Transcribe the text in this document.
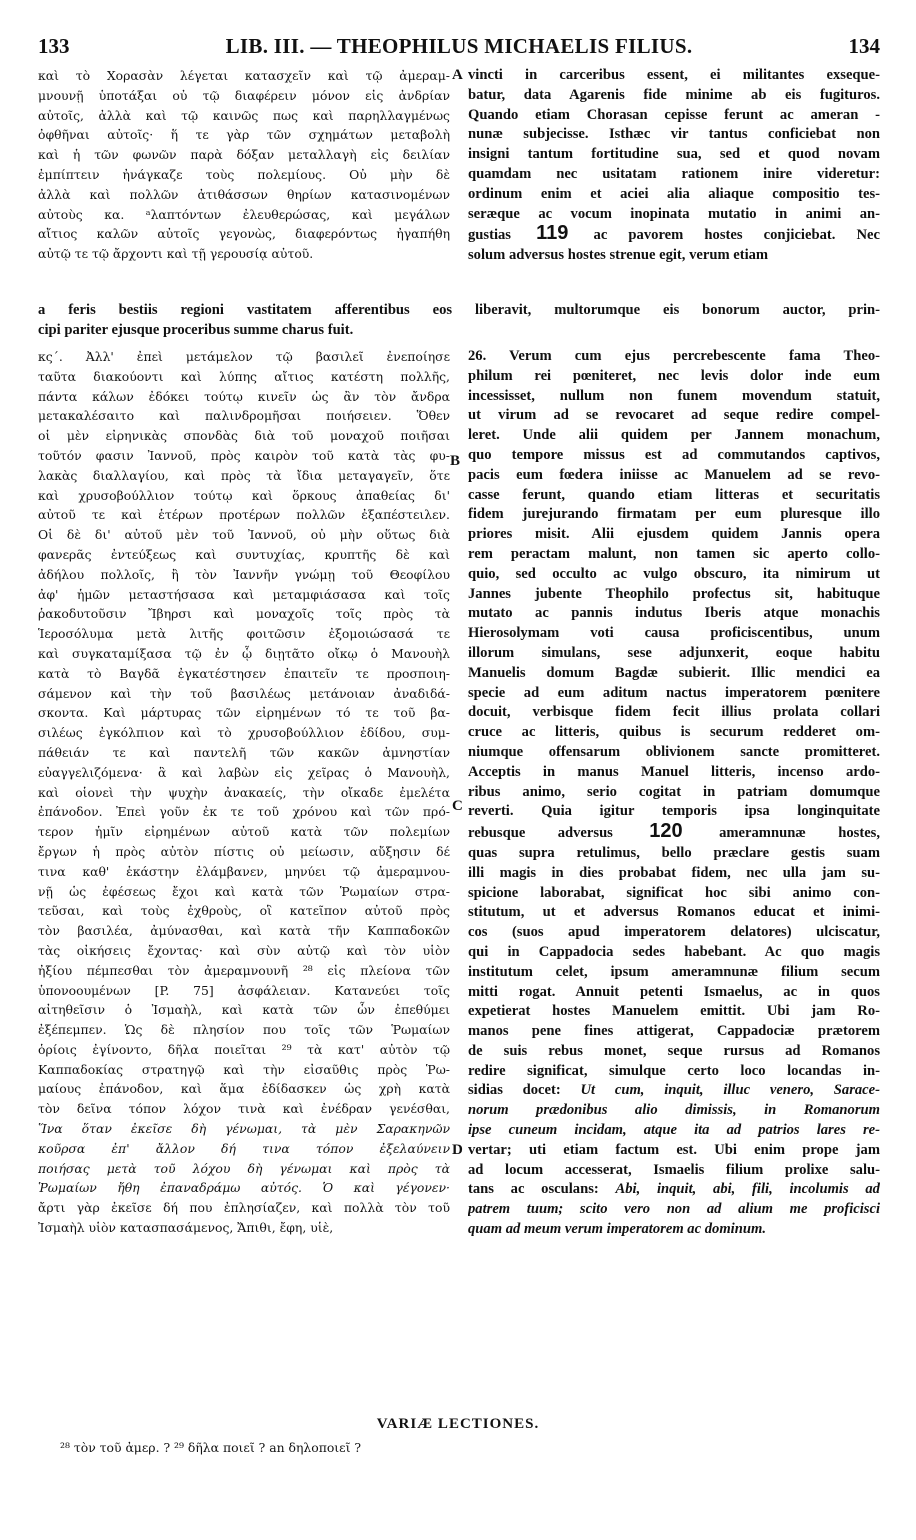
133	LIB. III. — THEOPHILUS MICHAELIS FILIUS.	134
καὶ τὸ Χορασὰν λέγεται κατασχεῖν καὶ τῷ ἀμεραμ-
μνουνῇ ὑποτάξαι οὐ τῷ διαφέρειν μόνον εἰς ἀνδρίαν
αὐτοῖς, ἀλλὰ καὶ τῷ καινῶς πως καὶ παρηλλαγμένως
ὀφθῆναι αὐτοῖς· ἥ τε γὰρ τῶν σχημάτων μεταβολὴ
καὶ ἡ τῶν φωνῶν παρὰ δόξαν μεταλλαγὴ εἰς δειλίαν
ἐμπίπτειν ἠνάγκαζε τοὺς πολεμίους. Οὐ μὴν δὲ
ἀλλὰ καὶ πολλῶν ἀτιθάσσων θηρίων κατασινομένων
αὐτοὺς κα. ᵃλαπτόντων ἐλευθερώσας, καὶ μεγάλων
αἴτιος καλῶν αὐτοῖς γεγονὼς, διαφερόντως ἠγαπήθη
αὐτῷ τε τῷ ἄρχοντι καὶ τῇ γερουσίᾳ αὐτοῦ.
A vincti in carceribus essent, ei militantes exseque-
batur, data Agarenis fide minime ab eis fugituros.
Quando etiam Chorasan cepisse ferunt ac ameran -
nunæ subjecisse. Isthæc vir tantus conficiebat non
insigni tantum fortitudine sua, sed et quod novam
quamdam nec usitatam rationem inire videretur:
ordinum enim et aciei alia aliaque compositio tes-
seræque ac vocum inopinata mutatio in animi an-
gustias 119 ac pavorem hostes conjiciebat. Nec
solum adversus hostes strenue egit, verum etiam
a feris bestiis regioni vastitatem afferentibus eos liberavit, multorumque eis bonorum auctor, prin-
cipi pariter ejusque proceribus summe charus fuit.
κς΄. Ἀλλ' ἐπεὶ μετάμελον τῷ βασιλεῖ ἐνεποίησε
ταῦτα διακούοντι καὶ λύπης αἴτιος κατέστη πολλῆς,
πάντα κάλων ἐδόκει τούτῳ κινεῖν ὡς ἂν τὸν ἄνδρα
μετακαλέσαιτο καὶ παλινδρομῆσαι ποιήσειεν. Ὅθεν
οἱ μὲν εἰρηνικὰς σπονδὰς διὰ τοῦ μοναχοῦ ποιῆσαι
τοῦτόν φασιν Ἰαννοῦ, πρὸς καιρὸν τοῦ κατὰ τὰς φυ-
λακὰς διαλλαγίου, καὶ πρὸς τὰ ἴδια μεταγαγεῖν, ὅτε
καὶ χρυσοβούλλιον τούτῳ καὶ ὅρκους ἀπαθείας δι'
αὐτοῦ τε καὶ ἑτέρων προτέρων πολλῶν ἐξαπέστειλεν.
Οἱ δὲ δι' αὐτοῦ μὲν τοῦ Ἰαννοῦ, οὐ μὴν οὕτως διὰ
φανερᾶς ἐντεύξεως καὶ συντυχίας, κρυπτῆς δὲ καὶ
ἀδήλου πολλοῖς, ἢ τὸν Ἰαννῆν γνώμῃ τοῦ Θεοφίλου
ἀφ' ἡμῶν μεταστήσασα καὶ μεταμφιάσασα καὶ τοῖς
ῥακοδυτοῦσιν Ἴβηρσι καὶ μοναχοῖς τοῖς πρὸς τὰ
Ἱεροσόλυμα μετὰ λιτῆς φοιτῶσιν ἐξομοιώσασά τε
καὶ συγκαταμίξασα τῷ ἐν ᾧ διῃτᾶτο οἴκῳ ὁ Μανουὴλ
κατὰ τὸ Βαγδᾶ ἐγκατέστησεν ἐπαιτεῖν τε προσποιη-
σάμενον καὶ τὴν τοῦ βασιλέως μετάνοιαν ἀναδιδά-
σκοντα. Καὶ μάρτυρας τῶν εἰρημένων τό τε τοῦ βα-
σιλέως ἐγκόλπιον καὶ τὸ χρυσοβούλλιον ἐδίδου, συμ-
πάθειάν τε καὶ παντελῆ τῶν κακῶν ἀμνηστίαν
εὐαγγελιζόμενα· ἃ καὶ λαβὼν εἰς χεῖρας ὁ Μανουὴλ,
καὶ οἱονεὶ τὴν ψυχὴν ἀνακαείς, τὴν οἴκαδε ἐμελέτα
ἐπάνοδον. Ἐπεὶ γοῦν ἐκ τε τοῦ χρόνου καὶ τῶν πρό-
τερον ἡμῖν εἰρημένων αὐτοῦ κατὰ τῶν πολεμίων
ἔργων ἡ πρὸς αὐτὸν πίστις οὐ μείωσιν, αὔξησιν δέ
τινα καθ' ἑκάστην ἐλάμβανεν, μηνύει τῷ ἀμεραμνου-
νῇ ὡς ἐφέσεως ἔχοι καὶ κατὰ τῶν Ῥωμαίων στρα-
τεῦσαι, καὶ τοὺς ἐχθροὺς, οἳ κατεῖπον αὐτοῦ πρὸς
τὸν βασιλέα, ἀμύνασθαι, καὶ κατὰ τῆν Καππαδοκῶν
τὰς οἰκήσεις ἔχοντας· καὶ σὺν αὐτῷ καὶ τὸν υἱὸν
ἠξίου πέμπεσθαι τὸν ἀμεραμνουνῆ ²⁸ εἰς πλείονα τῶν
ὑπονοουμένων [P. 75] ἀσφάλειαν. Κατανεύει τοῖς
αἰτηθεῖσιν ὁ Ἰσμαὴλ, καὶ κατὰ τῶν ὧν ἐπεθύμει
ἐξέπεμπεν. Ὡς δὲ πλησίον που τοῖς τῶν Ῥωμαίων
ὁρίοις ἐγίνοντο, δῆλα ποιεῖται ²⁹ τὰ κατ' αὐτὸν τῷ
Καππαδοκίας στρατηγῷ καὶ τὴν εἰσαῦθις πρὸς Ῥω-
μαίους ἐπάνοδον, καὶ ἅμα ἐδίδασκεν ὡς χρὴ κατὰ
τὸν δεῖνα τόπον λόχον τινὰ καὶ ἐνέδραν γενέσθαι,
Ἵνα ὅταν ἐκεῖσε δὴ γένωμαι, τὰ μὲν Σαρακηνῶν
κοῦρσα ἐπ' ἄλλον δή τινα τόπον ἐξελαύνειν
ποιήσας μετὰ τοῦ λόχου δὴ γένωμαι καὶ πρὸς τὰ
Ῥωμαίων ἤθη ἐπαναδράμω αὐτός. Ὁ καὶ γέγονεν·
ἄρτι γὰρ ἐκεῖσε δή που ἐπλησίαζεν, καὶ πολλὰ τὸν τοῦ
Ἰσμαὴλ υἱὸν κατασπασάμενος, Ἄπιθι, ἔφη, υἱὲ,
B
C
D
26. Verum cum ejus percrebescente fama Theo-
philum rei pœniteret, nec levis dolor inde eum
incessisset, nullum non funem movendum statuit,
ut virum ad se revocaret ad seque redire compel-
leret. Unde alii quidem per Jannem monachum,
quo tempore missus est ad commutandos captivos,
pacis eum fœdera iniisse ac Manuelem ad se revo-
casse ferunt, quando etiam litteras et securitatis
fidem jurejurando firmatam per eum pluresque illo
priores misit. Alii ejusdem quidem Jannis opera
rem peractam malunt, non tamen sic aperto collo-
quio, sed occulto ac vulgo obscuro, ita nimirum ut
Jannes jubente Theophilo profectus sit, habituque
mutato ac pannis indutus Iberis atque monachis
Hierosolymam voti causa proficiscentibus, unum
illorum simulans, sese adjunxerit, eoque habitu
Manuelis domum Bagdæ subierit. Illic mendici ea
specie ad eum aditum nactus imperatorem pœnitere
docuit, verbisque fidem fecit illius prolata collari
cruce ac litteris, quibus is securum redderet om-
niumque offensarum oblivionem sancte promitteret.
Acceptis in manus Manuel litteris, incenso ardo-
ribus animo, serio cogitat in patriam domumque
reverti. Quia igitur temporis ipsa longinquitate
rebusque adversus 120 ameramnunæ hostes,
quas supra retulimus, bello præclare gestis suam
illi magis in dies probabat fidem, nec ulla jam su-
spicione laborabat, significat hoc sibi animo con-
stitutum, ut et adversus Romanos educat et inimi-
cos (suos apud imperatorem delatores) ulciscatur,
qui in Cappadocia sedes habebant. Ac quo magis
institutum celet, ipsum ameramnunæ filium secum
mitti rogat. Annuit petenti Ismaelus, ac in quos
expetierat hostes Manuelem emittit. Ubi jam Ro-
manos pene fines attigerat, Cappadociæ prætorem
de suis rebus monet, seque rursus ad Romanos
redire significat, simulque certo loco locandas in-
sidias docet: Ut cum, inquit, illuc venero, Sarace-
norum prædonibus alio dimissis, in Romanorum
ipse cuneum incidam, atque ita ad patrios lares re-
vertar; uti etiam factum est. Ubi enim prope jam
ad locum accesserat, Ismaelis filium prolixe salu-
tans ac osculans: Abi, inquit, abi, fili, incolumis ad
patrem tuum; scito vero non ad alium me proficisci
quam ad meum verum imperatorem ac dominum.
VARIÆ LECTIONES.
²⁸ τὸν τοῦ ἀμερ. ? ²⁹ δῆλα ποιεῖ ? an δηλοποιεῖ ?
